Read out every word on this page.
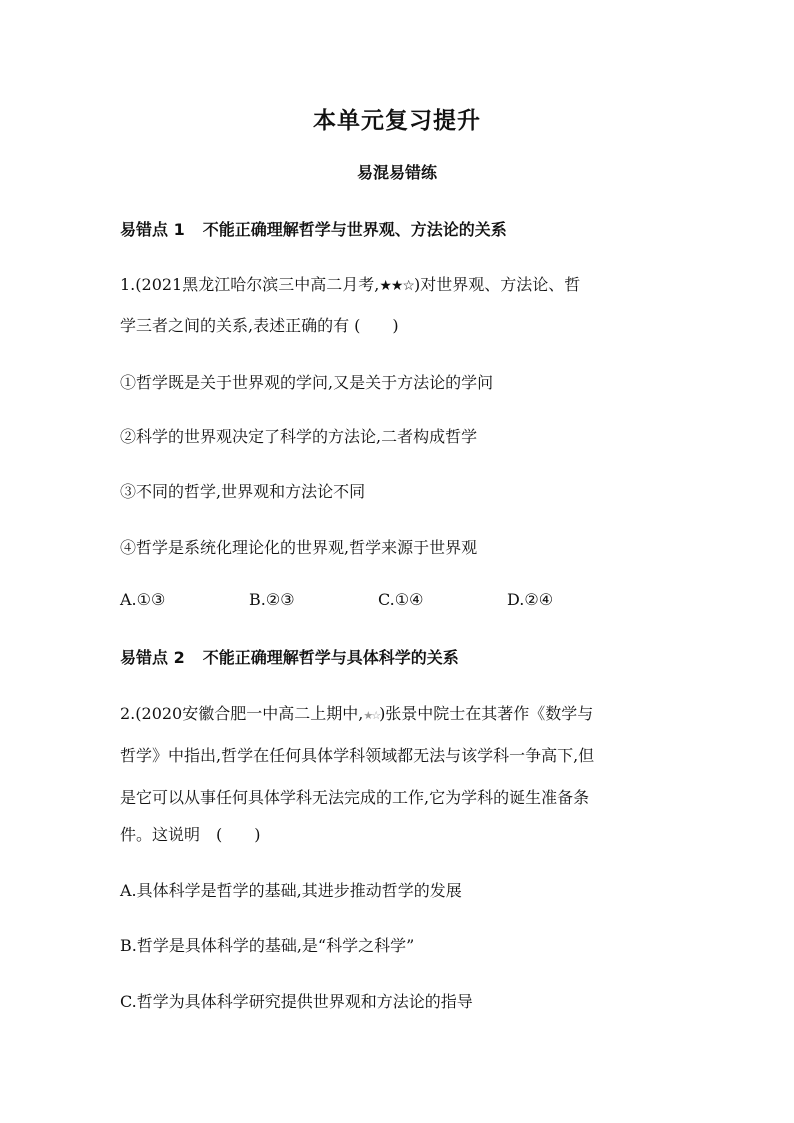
本单元复习提升
易混易错练
易错点 1 不能正确理解哲学与世界观、方法论的关系
1.(2021黑龙江哈尔滨三中高二月考,★★☆)对世界观、方法论、哲
学三者之间的关系,表述正确的有 (　　)
①哲学既是关于世界观的学问,又是关于方法论的学问
②科学的世界观决定了科学的方法论,二者构成哲学
③不同的哲学,世界观和方法论不同
④哲学是系统化理论化的世界观,哲学来源于世界观
A.①③	B.②③	C.①④	D.②④
易错点 2 不能正确理解哲学与具体科学的关系
2.(2020安徽合肥一中高二上期中,★☆)张景中院士在其著作《数学与
哲学》中指出,哲学在任何具体学科领域都无法与该学科一争高下,但
是它可以从事任何具体学科无法完成的工作,它为学科的诞生准备条
件。这说明　(　　)
A.具体科学是哲学的基础,其进步推动哲学的发展
B.哲学是具体科学的基础,是“科学之科学”
C.哲学为具体科学研究提供世界观和方法论的指导
